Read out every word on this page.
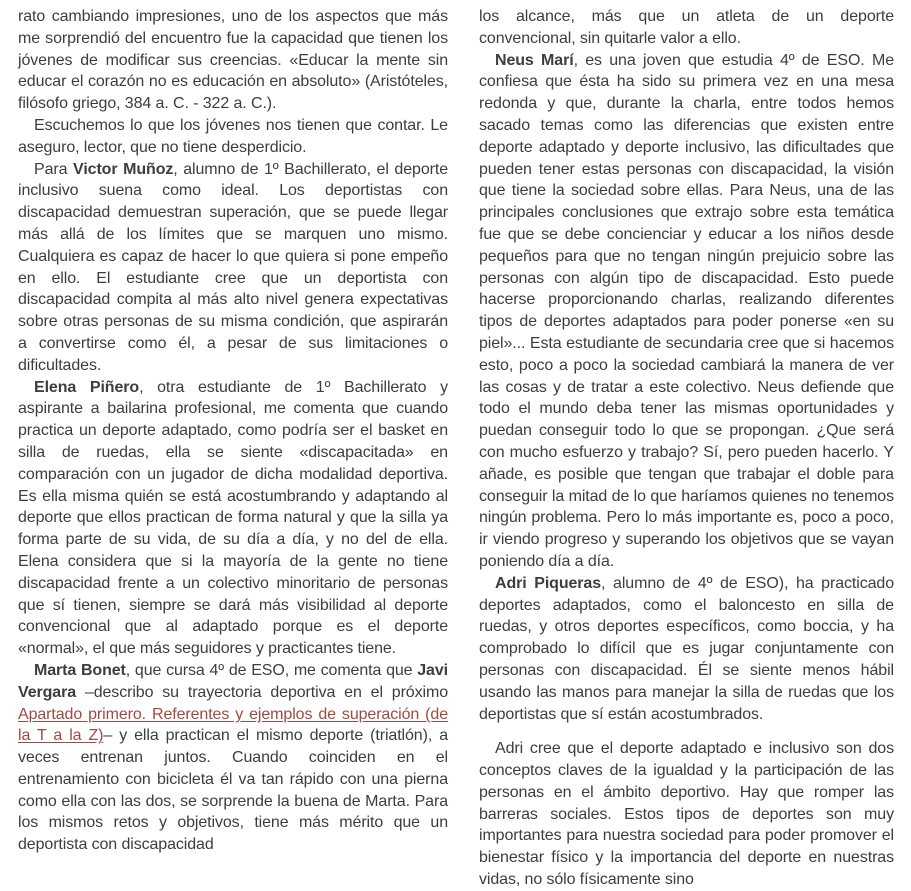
rato cambiando impresiones, uno de los aspectos que más me sorprendió del encuentro fue la capacidad que tienen los jóvenes de modificar sus creencias. «Educar la mente sin educar el corazón no es educación en absoluto» (Aristóteles, filósofo griego, 384 a. C. - 322 a. C.).

Escuchemos lo que los jóvenes nos tienen que contar. Le aseguro, lector, que no tiene desperdicio.

Para Victor Muñoz, alumno de 1º Bachillerato, el deporte inclusivo suena como ideal. Los deportistas con discapacidad demuestran superación, que se puede llegar más allá de los límites que se marquen uno mismo. Cualquiera es capaz de hacer lo que quiera si pone empeño en ello. El estudiante cree que un deportista con discapacidad compita al más alto nivel genera expectativas sobre otras personas de su misma condición, que aspirarán a convertirse como él, a pesar de sus limitaciones o dificultades.

Elena Piñero, otra estudiante de 1º Bachillerato y aspirante a bailarina profesional, me comenta que cuando practica un deporte adaptado, como podría ser el basket en silla de ruedas, ella se siente «discapacitada» en comparación con un jugador de dicha modalidad deportiva. Es ella misma quién se está acostumbrando y adaptando al deporte que ellos practican de forma natural y que la silla ya forma parte de su vida, de su día a día, y no del de ella. Elena considera que si la mayoría de la gente no tiene discapacidad frente a un colectivo minoritario de personas que sí tienen, siempre se dará más visibilidad al deporte convencional que al adaptado porque es el deporte «normal», el que más seguidores y practicantes tiene.

Marta Bonet, que cursa 4º de ESO, me comenta que Javi Vergara –describo su trayectoria deportiva en el próximo Apartado primero. Referentes y ejemplos de superación (de la T a la Z)– y ella practican el mismo deporte (triatlón), a veces entrenan juntos. Cuando coinciden en el entrenamiento con bicicleta él va tan rápido con una pierna como ella con las dos, se sorprende la buena de Marta. Para los mismos retos y objetivos, tiene más mérito que un deportista con discapacidad

los alcance, más que un atleta de un deporte convencional, sin quitarle valor a ello.

Neus Marí, es una joven que estudia 4º de ESO. Me confiesa que ésta ha sido su primera vez en una mesa redonda y que, durante la charla, entre todos hemos sacado temas como las diferencias que existen entre deporte adaptado y deporte inclusivo, las dificultades que pueden tener estas personas con discapacidad, la visión que tiene la sociedad sobre ellas. Para Neus, una de las principales conclusiones que extrajo sobre esta temática fue que se debe concienciar y educar a los niños desde pequeños para que no tengan ningún prejuicio sobre las personas con algún tipo de discapacidad. Esto puede hacerse proporcionando charlas, realizando diferentes tipos de deportes adaptados para poder ponerse «en su piel»... Esta estudiante de secundaria cree que si hacemos esto, poco a poco la sociedad cambiará la manera de ver las cosas y de tratar a este colectivo. Neus defiende que todo el mundo deba tener las mismas oportunidades y puedan conseguir todo lo que se propongan. ¿Que será con mucho esfuerzo y trabajo? Sí, pero pueden hacerlo. Y añade, es posible que tengan que trabajar el doble para conseguir la mitad de lo que haríamos quienes no tenemos ningún problema. Pero lo más importante es, poco a poco, ir viendo progreso y superando los objetivos que se vayan poniendo día a día.

Adri Piqueras, alumno de 4º de ESO), ha practicado deportes adaptados, como el baloncesto en silla de ruedas, y otros deportes específicos, como boccia, y ha comprobado lo difícil que es jugar conjuntamente con personas con discapacidad. Él se siente menos hábil usando las manos para manejar la silla de ruedas que los deportistas que sí están acostumbrados.

Adri cree que el deporte adaptado e inclusivo son dos conceptos claves de la igualdad y la participación de las personas en el ámbito deportivo. Hay que romper las barreras sociales. Estos tipos de deportes son muy importantes para nuestra sociedad para poder promover el bienestar físico y la importancia del deporte en nuestras vidas, no sólo físicamente sino
